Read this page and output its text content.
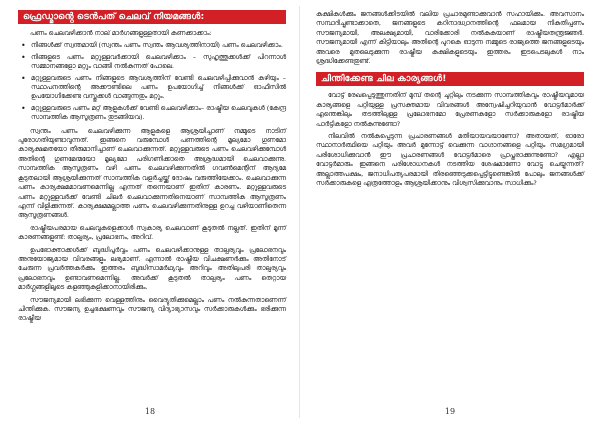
ഫ്രെഡ്മാൻ്റെ ടെൻപത് ചെലവ് നിയമങ്ങൾ:

പണം ചെലവഴിക്കാൻ നാല് മാർഗങ്ങളുള്ളതായി കണക്കാക്കാം:

• നിങ്ങൾക്ക് സ്വന്തമായി (സ്വന്തം പണം സ്വന്തം ആവശ്യത്തിനായി) പണം ചെലവഴിക്കാം.
• നിങ്ങളുടെ പണം മറ്റുള്ളവർക്കായി ചെലവഴിക്കാം – സുഹൃത്തുക്കൾക്ക് പിറന്നാൾ സമ്മാനങ്ങളോ മറ്റും വാങ്ങി നൽകുന്നത് പോലെ.
• മറ്റുള്ളവരുടെ പണം നിങ്ങളുടെ ആവശ്യത്തിന് വേണ്ടി ചെലവഴിപ്പിക്കുവാൻ കഴിയും – സ്ഥാപനത്തിന്റെ അക്കൗണ്ടിലെ പണം ഉപയോഗിച്ച് നിങ്ങൾക്ക് ഓഫീസിൽ ഉപയോഗിക്കേണ്ട വസ്തുക്കൾ വാങ്ങുന്നതും മറ്റും.
• മറ്റുള്ളവരുടെ പണം മറ്റ് ആളുകൾക്ക് വേണ്ടി ചെലവഴിക്കാം– രാഷ്ട്രീയ ചെലവുകൾ (കേന്ദ്ര സാമ്പത്തിക ആസൂത്രണം തുടങ്ങിയവ).

സ്വന്തം പണം ചെലവഴിക്കുന്ന ആളുകളെ ആശ്രയിച്ചാണ് നമ്മുടെ നാടിന് പുരോഗതിയുണ്ടാവുന്നത്. ഇങ്ങനെ വരുമ്പോൾ പണത്തിന്റെ മൂല്യമോ ഗുണമോ കാര്യക്ഷമതയോ തീരുമാനിച്ചാണ് ചെലവാക്കുന്നത്. മറ്റുള്ളവരുടെ പണം ചെലവഴിക്കുമ്പോൾ അതിന്റെ ഗുണമേന്മയോ മൂല്യമോ പരിഗണിക്കാതെ അശ്രദ്ധമായി ചെലവാക്കുന്നു. സാമ്പത്തിക ആസൂത്രണം വഴി പണം ചെലവഴിക്കുന്നതിൽ ഗവൺമെന്റിന് ആദ്യമേ കൂടുതലായി ആശ്രയിക്കുന്നത് സാമ്പത്തിക വളർച്ചയ്ക്ക് ദോഷം വരുത്തിയേക്കാം. ചെലവാക്കുന്ന പണം കാര്യക്ഷമമാവണമെന്നില്ല എന്നത് തന്നെയാണ് ഇതിന് കാരണം. മറ്റുള്ളവരുടെ പണം മറ്റുള്ളവർക്ക് വേണ്ടി ചിലർ ചെലവാക്കുന്നതിനെയാണ് സാമ്പത്തിക ആസൂത്രണം എന്ന് വിളിക്കുന്നത്. കാര്യക്ഷമമല്ലാത്ത പണം ചെലവഴിക്കുന്നതിനുള്ള ഉറച്ച വഴിയാണിതെന്ന ആസൂത്രണങ്ങൾ.

രാഷ്ട്രീയപരമായ ചെലവുകളെക്കാൾ സ്വകാര്യ ചെലവാണ് കൂടുതൽ നല്ലത്. ഇതിന് മൂന്ന് കാരണങ്ങളുണ്ട്: താല്പര്യം, പ്രലോഭനം, അറിവ്.

ഉപഭോക്താക്കൾക്ക് ബുദ്ധിപൂർവ്വം പണം ചെലവഴിക്കാനുള്ള താല്പര്യവും പ്രലോഭനവും അനുയോജ്യമായ വിവരങ്ങളും ലഭ്യമാണ്. എന്നാൽ രാഷ്ട്രീയ വിചക്ഷണർക്കും അതിനോട് ചേരുന്ന പ്രവർത്തകർക്കും ഇത്തരം ബുദ്ധിസാമർഥ്യവും അറിവും അതിലുപരി താല്പര്യവും പ്രലോഭനവും ഉണ്ടാവണമെന്നില്ല. അവർക്ക് കൂടുതൽ താല്പര്യം പണം തെറ്റായ മാർഗ്ഗങ്ങളിലൂടെ കളഞ്ഞുകുളിക്കാനായിരിക്കും.

സൗജന്യമായി ലഭിക്കുന്ന വെള്ളത്തിനും വൈദ്യുതിക്കുമെല്ലാം പണം നൽകുന്നതാണെന്ന് ചിന്തിക്കുക. സൗജന്യ ഉച്ചഭക്ഷണവും സൗജന്യ വിദ്യാഭ്യാസവും സർക്കാരുകൾക്കും ഭരിക്കുന്ന രാഷ്ട്രീയ

18

കക്ഷികൾക്കും ജനങ്ങൾക്കിടയിൽ വലിയ പ്രചാരമുണ്ടാക്കുവാൻ സഹായിക്കും. അവസാനം സമ്പാദിച്ചുണ്ടാക്കാതെ, ജനങ്ങളുടെ കഠിനാദ്ധ്വാനത്തിന്റെ ഫലമായ നികുതിപ്പണം സൗജന്യമായി, അലക്ഷ്യമായി, വാരിക്കോരി നൽകുകയാണ് രാഷ്ട്രീയതന്ത്രജ്ഞർ. സൗജന്യമായി എന്ന് കിട്ടിയാലും അതിന്റെ പുറകെ ഓടുന്ന നമ്മുടെ രാജ്യത്തെ ജനങ്ങളുടെയും അവരെ മുതലെടുക്കുന്ന രാഷ്ട്രീയ കക്ഷികളുടെയും ഇത്തരം ഇടപെടലുകൾ നാം ശ്രദ്ധിക്കേണ്ടതുണ്ട്.

ചിന്തിക്കേണ്ട ചില കാര്യങ്ങൾ!

വോട്ട് രേഖപ്പെടുത്തുന്നതിന് മുമ്പ് തന്റെ ചുറ്റിലും നടക്കുന്ന സാമ്പത്തികവും രാഷ്ട്രീയവുമായ കാര്യങ്ങളെ പറ്റിയുള്ള പ്രസക്തമായ വിവരങ്ങൾ അന്വേഷിച്ചറിയുവാൻ വോട്ടർമാർക്ക് എന്തെങ്കിലും തടത്തിലുള്ള പ്രലോഭനമോ പ്രേരണകളോ സർക്കാരുകളോ രാഷ്ട്രീയ പാർട്ടികളോ നൽകുന്നുണ്ടോ?

നിലവിൽ നൽകപ്പെടുന്ന പ്രചാരണങ്ങൾ മതിയായവയാണോ? അതായത്, ഓരോ സ്ഥാനാർത്ഥിയെ പറ്റിയും അവർ മുന്നോട്ട് വെക്കുന്ന വാഗ്ദാനങ്ങളെ പറ്റിയും സമഗ്രമായി പരിശോധിക്കുവാൻ ഈ പ്രചാരണങ്ങൾ വോട്ടർമാരെ പ്രാപ്തരാക്കുന്നുണ്ടോ? എല്ലാ വോട്ടർമാരും ഇങ്ങനെ പരിശോധനകൾ നടത്തിയ ശേഷമാണോ വോട്ടു ചെയ്യുന്നത്? അല്ലാത്തപക്ഷം, ജനാധിപത്യപരമായി തിരഞ്ഞെടുക്കപ്പെട്ടിട്ടുണ്ടെങ്കിൽ പോലും ജനങ്ങൾക്ക് സർക്കാരുകളെ എത്രത്തോളം ആശ്രയിക്കാനും വിശ്വസിക്കുവാനും സാധിക്കും?

19
